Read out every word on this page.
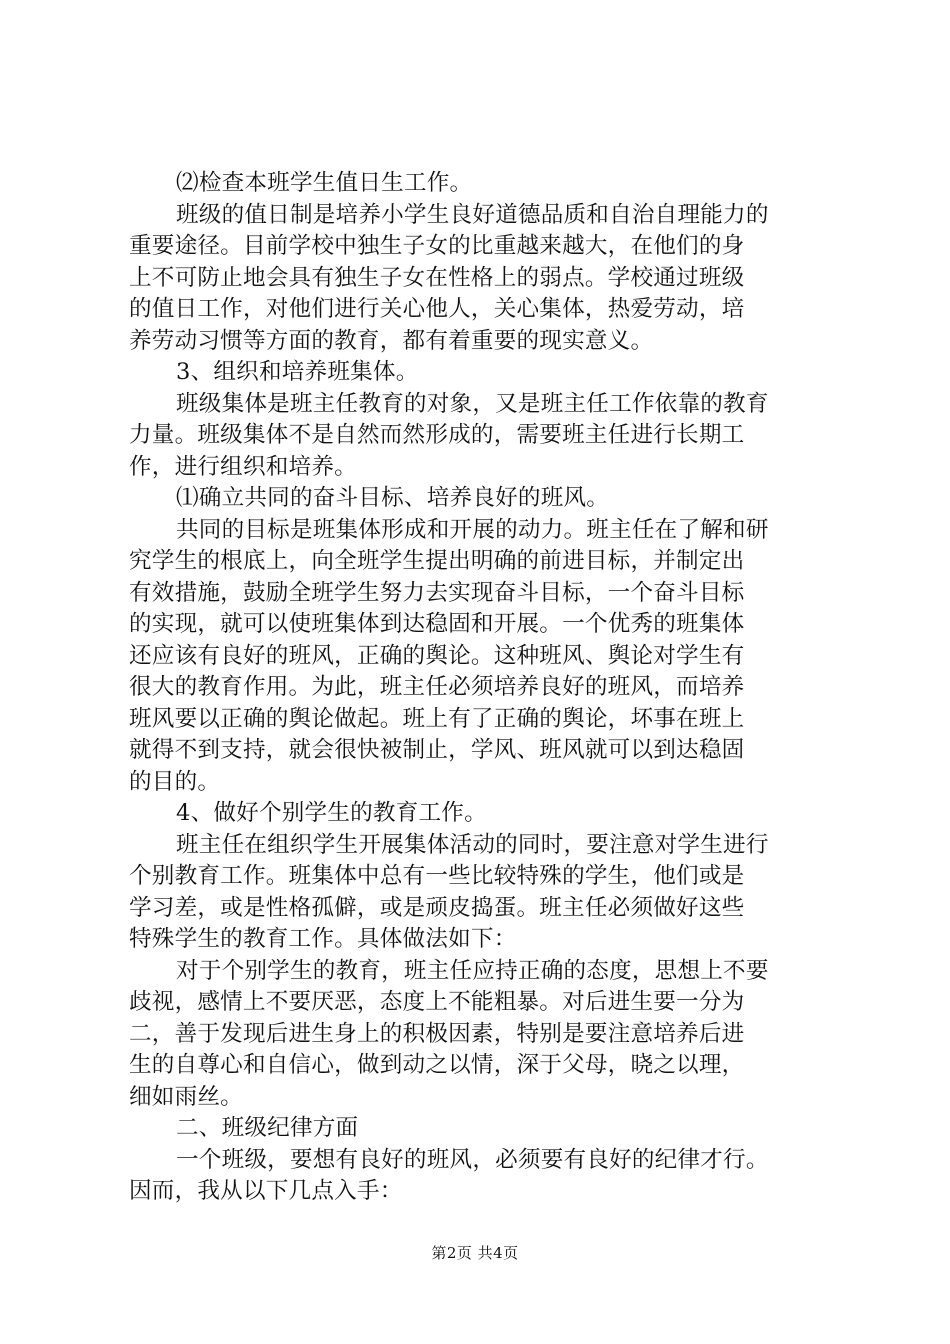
⑵检查本班学生值日生工作。
班级的值日制是培养小学生良好道德品质和自治自理能力的
重要途径。目前学校中独生子女的比重越来越大，在他们的身
上不可防止地会具有独生子女在性格上的弱点。学校通过班级
的值日工作，对他们进行关心他人，关心集体，热爱劳动，培
养劳动习惯等方面的教育，都有着重要的现实意义。
3、组织和培养班集体。
班级集体是班主任教育的对象，又是班主任工作依靠的教育
力量。班级集体不是自然而然形成的，需要班主任进行长期工
作，进行组织和培养。
⑴确立共同的奋斗目标、培养良好的班风。
共同的目标是班集体形成和开展的动力。班主任在了解和研
究学生的根底上，向全班学生提出明确的前进目标，并制定出
有效措施，鼓励全班学生努力去实现奋斗目标，一个奋斗目标
的实现，就可以使班集体到达稳固和开展。一个优秀的班集体
还应该有良好的班风，正确的舆论。这种班风、舆论对学生有
很大的教育作用。为此，班主任必须培养良好的班风，而培养
班风要以正确的舆论做起。班上有了正确的舆论，坏事在班上
就得不到支持，就会很快被制止，学风、班风就可以到达稳固
的目的。
4、做好个别学生的教育工作。
班主任在组织学生开展集体活动的同时，要注意对学生进行
个别教育工作。班集体中总有一些比较特殊的学生，他们或是
学习差，或是性格孤僻，或是顽皮捣蛋。班主任必须做好这些
特殊学生的教育工作。具体做法如下：
对于个别学生的教育，班主任应持正确的态度，思想上不要
歧视，感情上不要厌恶，态度上不能粗暴。对后进生要一分为
二，善于发现后进生身上的积极因素，特别是要注意培养后进
生的自尊心和自信心，做到动之以情，深于父母，晓之以理，
细如雨丝。
二、班级纪律方面
一个班级，要想有良好的班风，必须要有良好的纪律才行。
因而，我从以下几点入手：
第2页 共4页
